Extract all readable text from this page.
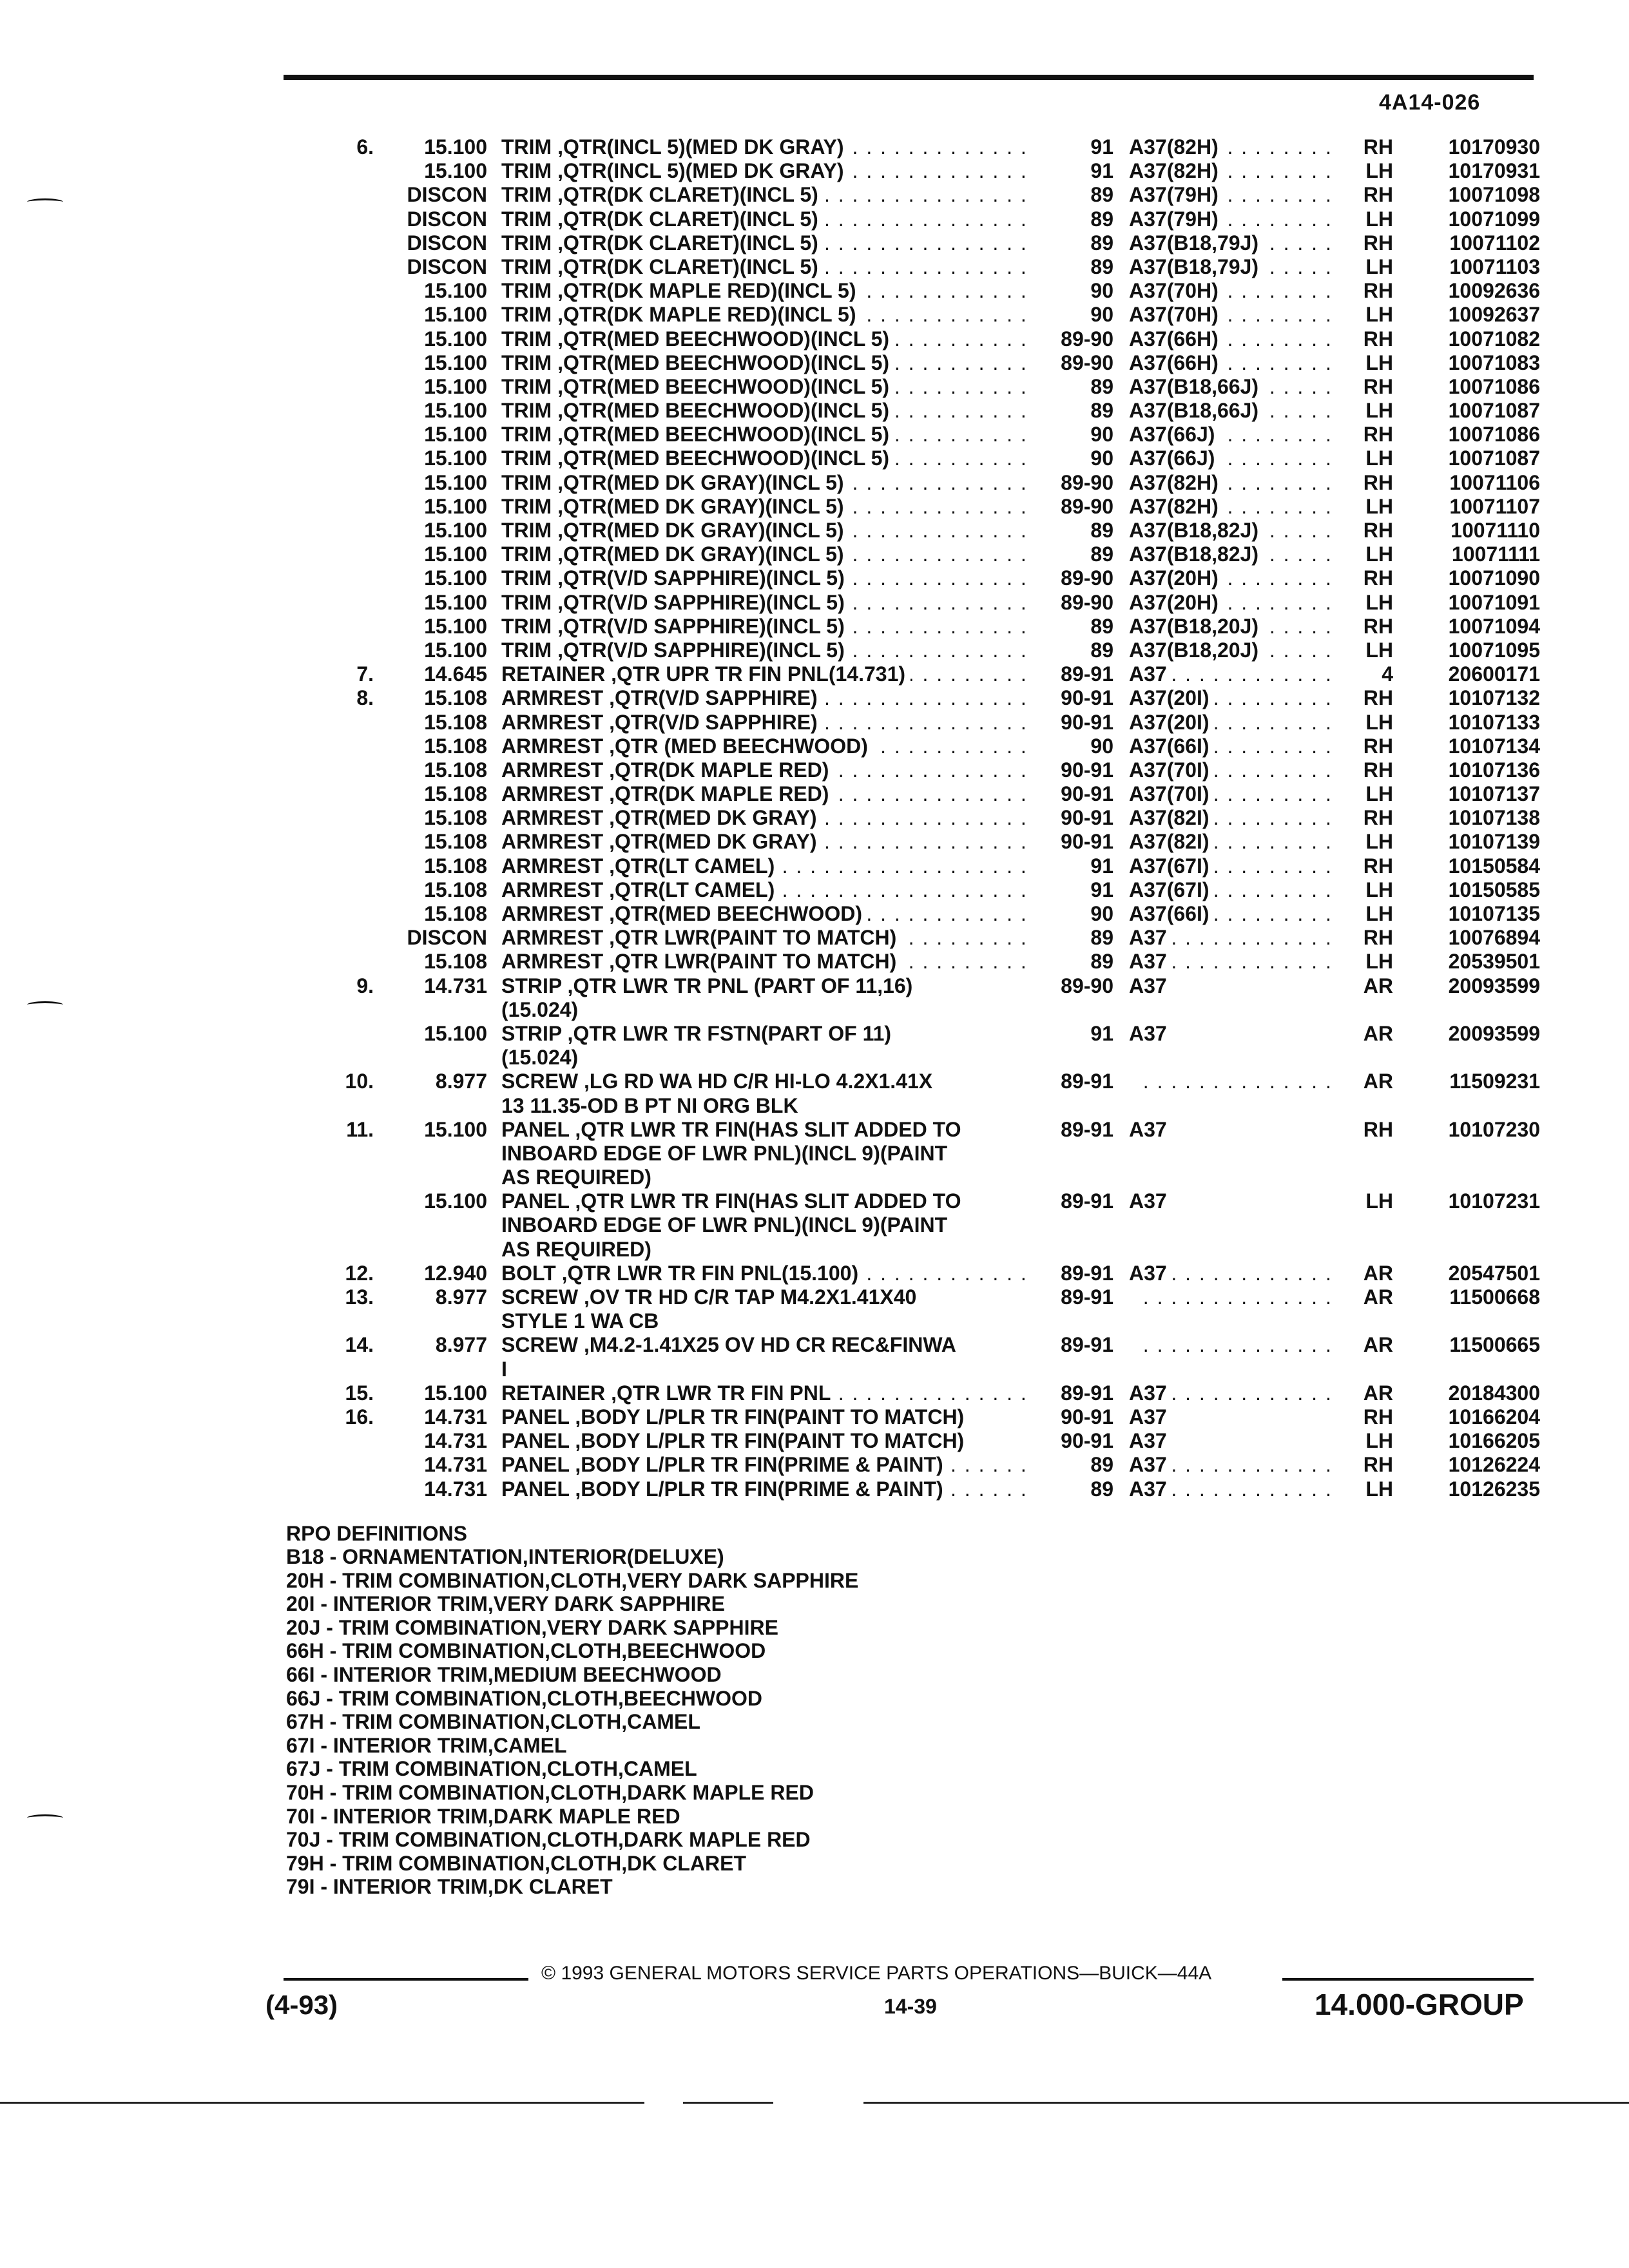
4A14-026
6.	15.100 TRIM ,QTR(INCL 5)(MED DK GRAY) . . .	91 A37(82H) . . .	RH	10170930
15.100 TRIM ,QTR(INCL 5)(MED DK GRAY) . . .	91 A37(82H) . . .	LH	10170931
DISCON TRIM ,QTR(DK CLARET)(INCL 5) . . .	89 A37(79H) . . .	RH	10071098
DISCON TRIM ,QTR(DK CLARET)(INCL 5) . . .	89 A37(79H) . . .	LH	10071099
DISCON TRIM ,QTR(DK CLARET)(INCL 5) . . .	89 A37(B18,79J) . . .	RH	10071102
DISCON TRIM ,QTR(DK CLARET)(INCL 5) . . .	89 A37(B18,79J) . . .	LH	10071103
15.100 TRIM ,QTR(DK MAPLE RED)(INCL 5) . . .	90 A37(70H) . . .	RH	10092636
15.100 TRIM ,QTR(DK MAPLE RED)(INCL 5) . . .	90 A37(70H) . . .	LH	10092637
15.100 TRIM ,QTR(MED BEECHWOOD)(INCL 5) . . .	89-90 A37(66H) . . .	RH	10071082
15.100 TRIM ,QTR(MED BEECHWOOD)(INCL 5) . . .	89-90 A37(66H) . . .	LH	10071083
15.100 TRIM ,QTR(MED BEECHWOOD)(INCL 5) . . .	89 A37(B18,66J) . . .	RH	10071086
15.100 TRIM ,QTR(MED BEECHWOOD)(INCL 5) . . .	89 A37(B18,66J) . . .	LH	10071087
15.100 TRIM ,QTR(MED BEECHWOOD)(INCL 5) . . .	90 A37(66J) . . .	RH	10071086
15.100 TRIM ,QTR(MED BEECHWOOD)(INCL 5) . . .	90 A37(66J) . . .	LH	10071087
15.100 TRIM ,QTR(MED DK GRAY)(INCL 5) . . .	89-90 A37(82H) . . .	RH	10071106
15.100 TRIM ,QTR(MED DK GRAY)(INCL 5) . . .	89-90 A37(82H) . . .	LH	10071107
15.100 TRIM ,QTR(MED DK GRAY)(INCL 5) . . .	89 A37(B18,82J) . . .	RH	10071110
15.100 TRIM ,QTR(MED DK GRAY)(INCL 5) . . .	89 A37(B18,82J) . . .	LH	10071111
15.100 TRIM ,QTR(V/D SAPPHIRE)(INCL 5) . . .	89-90 A37(20H) . . .	RH	10071090
15.100 TRIM ,QTR(V/D SAPPHIRE)(INCL 5) . . .	89-90 A37(20H) . . .	LH	10071091
15.100 TRIM ,QTR(V/D SAPPHIRE)(INCL 5) . . .	89 A37(B18,20J) . . .	RH	10071094
15.100 TRIM ,QTR(V/D SAPPHIRE)(INCL 5) . . .	89 A37(B18,20J) . . .	LH	10071095
7.	14.645 RETAINER ,QTR UPR TR FIN PNL(14.731) . . .	89-91 A37 . . .	4	20600171
8.	15.108 ARMREST ,QTR(V/D SAPPHIRE) . . .	90-91 A37(20I) . . .	RH	10107132
15.108 ARMREST ,QTR(V/D SAPPHIRE) . . .	90-91 A37(20I) . . .	LH	10107133
15.108 ARMREST ,QTR (MED BEECHWOOD) . . .	90 A37(66I) . . .	RH	10107134
15.108 ARMREST ,QTR(DK MAPLE RED) . . .	90-91 A37(70I) . . .	RH	10107136
15.108 ARMREST ,QTR(DK MAPLE RED) . . .	90-91 A37(70I) . . .	LH	10107137
15.108 ARMREST ,QTR(MED DK GRAY) . . .	90-91 A37(82I) . . .	RH	10107138
15.108 ARMREST ,QTR(MED DK GRAY) . . .	90-91 A37(82I) . . .	LH	10107139
15.108 ARMREST ,QTR(LT CAMEL) . . .	91 A37(67I) . . .	RH	10150584
15.108 ARMREST ,QTR(LT CAMEL) . . .	91 A37(67I) . . .	LH	10150585
15.108 ARMREST ,QTR(MED BEECHWOOD) . . .	90 A37(66I) . . .	LH	10107135
DISCON ARMREST ,QTR LWR(PAINT TO MATCH) . . .	89 A37 . . .	RH	10076894
15.108 ARMREST ,QTR LWR(PAINT TO MATCH) . . .	89 A37 . . .	LH	20539501
9.	14.731 STRIP ,QTR LWR TR PNL (PART OF 11,16)	89-90 A37	AR	20093599
(15.024)
15.100 STRIP ,QTR LWR TR FSTN(PART OF 11)	91 A37	AR	20093599
(15.024)
10.	8.977 SCREW ,LG RD WA HD C/R HI-LO 4.2X1.41X	89-91 . . .	AR	11509231
13 11.35-OD B PT NI ORG BLK
11.	15.100 PANEL ,QTR LWR TR FIN(HAS SLIT ADDED TO	89-91 A37	RH	10107230
INBOARD EDGE OF LWR PNL)(INCL 9)(PAINT
AS REQUIRED)
15.100 PANEL ,QTR LWR TR FIN(HAS SLIT ADDED TO	89-91 A37	LH	10107231
INBOARD EDGE OF LWR PNL)(INCL 9)(PAINT
AS REQUIRED)
12.	12.940 BOLT ,QTR LWR TR FIN PNL(15.100) . . .	89-91 A37 . . .	AR	20547501
13.	8.977 SCREW ,OV TR HD C/R TAP M4.2X1.41X40	89-91 . . .	AR	11500668
STYLE 1 WA CB
14.	8.977 SCREW ,M4.2-1.41X25 OV HD CR REC&FINWA	89-91 . . .	AR	11500665
I
15.	15.100 RETAINER ,QTR LWR TR FIN PNL . . .	89-91 A37 . . .	AR	20184300
16.	14.731 PANEL ,BODY L/PLR TR FIN(PAINT TO MATCH)	90-91 A37	RH	10166204
14.731 PANEL ,BODY L/PLR TR FIN(PAINT TO MATCH)	90-91 A37	LH	10166205
14.731 PANEL ,BODY L/PLR TR FIN(PRIME & PAINT) . . .	89 A37 . . .	RH	10126224
14.731 PANEL ,BODY L/PLR TR FIN(PRIME & PAINT) . . .	89 A37 . . .	LH	10126235
RPO DEFINITIONS
B18 - ORNAMENTATION,INTERIOR(DELUXE)
20H - TRIM COMBINATION,CLOTH,VERY DARK SAPPHIRE
20I - INTERIOR TRIM,VERY DARK SAPPHIRE
20J - TRIM COMBINATION,VERY DARK SAPPHIRE
66H - TRIM COMBINATION,CLOTH,BEECHWOOD
66I - INTERIOR TRIM,MEDIUM BEECHWOOD
66J - TRIM COMBINATION,CLOTH,BEECHWOOD
67H - TRIM COMBINATION,CLOTH,CAMEL
67I - INTERIOR TRIM,CAMEL
67J - TRIM COMBINATION,CLOTH,CAMEL
70H - TRIM COMBINATION,CLOTH,DARK MAPLE RED
70I - INTERIOR TRIM,DARK MAPLE RED
70J - TRIM COMBINATION,CLOTH,DARK MAPLE RED
79H - TRIM COMBINATION,CLOTH,DK CLARET
79I - INTERIOR TRIM,DK CLARET
© 1993 GENERAL MOTORS SERVICE PARTS OPERATIONS—BUICK—44A
(4-93)	14-39	14.000-GROUP
